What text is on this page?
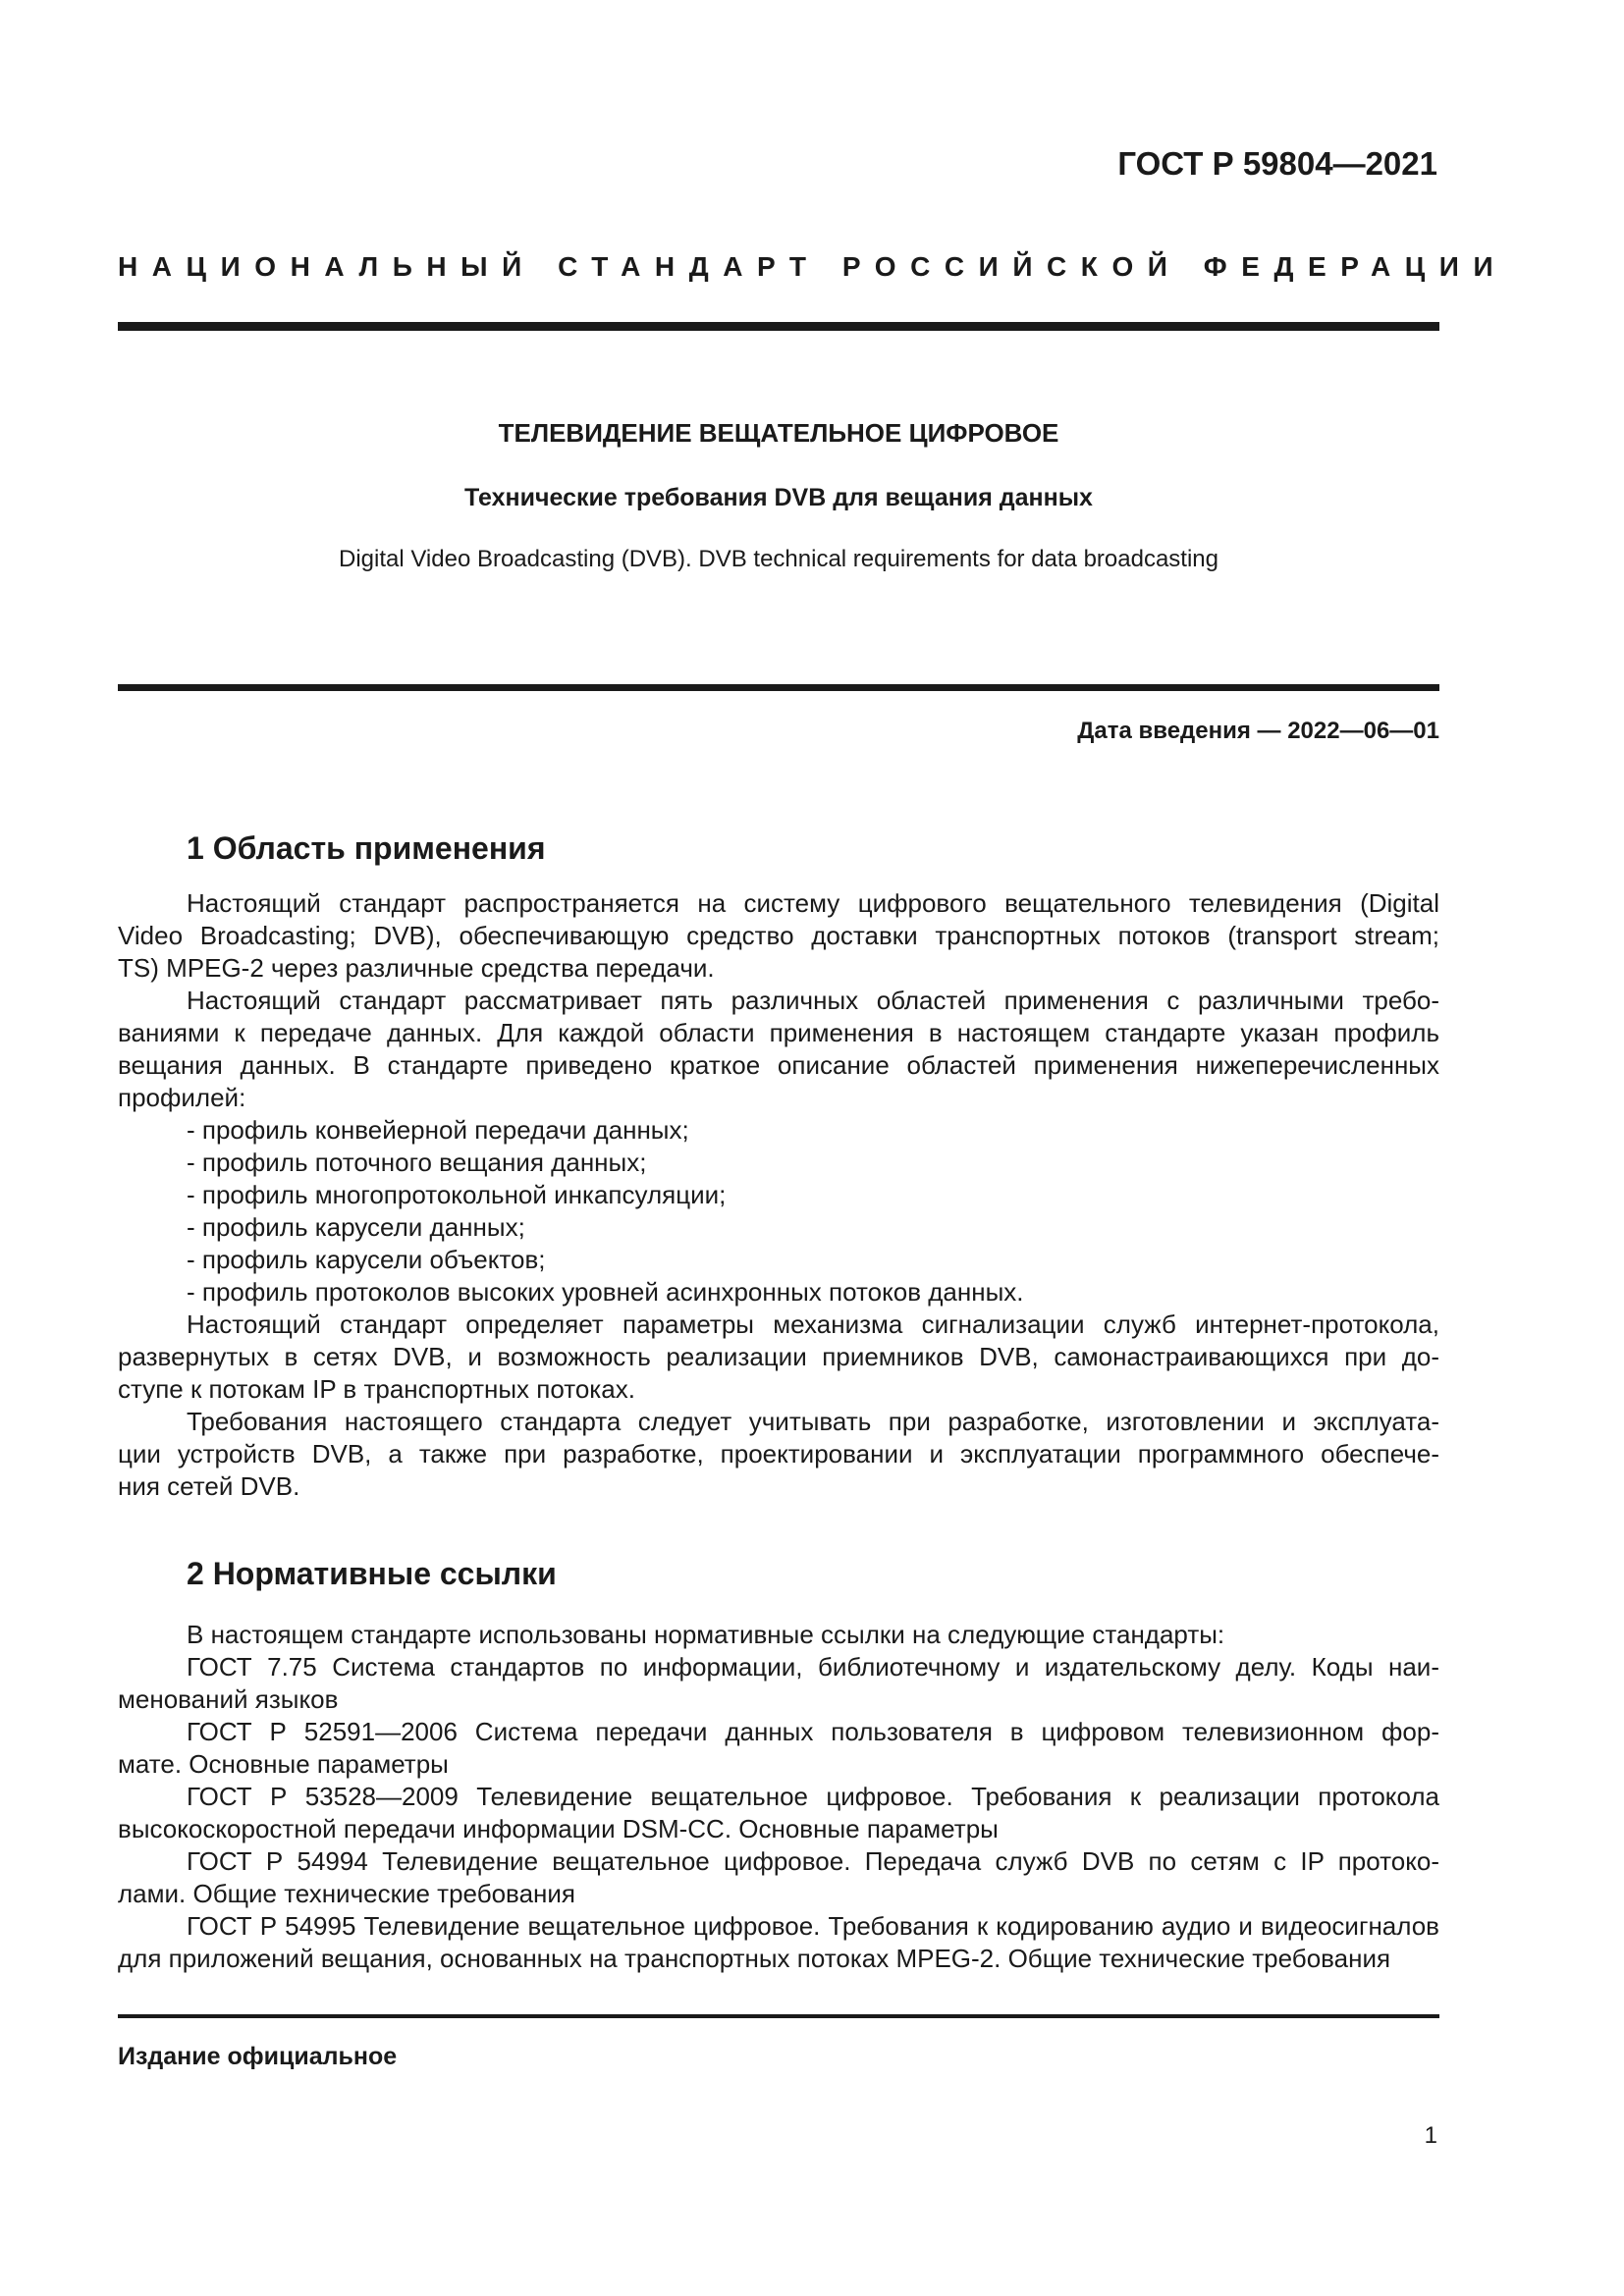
ГОСТ Р 59804—2021

НАЦИОНАЛЬНЫЙ СТАНДАРТ РОССИЙСКОЙ ФЕДЕРАЦИИ

ТЕЛЕВИДЕНИЕ ВЕЩАТЕЛЬНОЕ ЦИФРОВОЕ

Технические требования DVB для вещания данных

Digital Video Broadcasting (DVB). DVB technical requirements for data broadcasting

Дата введения — 2022—06—01

1 Область применения

Настоящий стандарт распространяется на систему цифрового вещательного телевидения (Digital
Video Broadcasting; DVB), обеспечивающую средство доставки транспортных потоков (transport stream;
TS) MPEG-2 через различные средства передачи.

Настоящий стандарт рассматривает пять различных областей применения с различными требо-
ваниями к передаче данных. Для каждой области применения в настоящем стандарте указан профиль
вещания данных. В стандарте приведено краткое описание областей применения нижеперечисленных
профилей:

- профиль конвейерной передачи данных;
- профиль поточного вещания данных;
- профиль многопротокольной инкапсуляции;
- профиль карусели данных;
- профиль карусели объектов;
- профиль протоколов высоких уровней асинхронных потоков данных.

Настоящий стандарт определяет параметры механизма сигнализации служб интернет-протокола,
развернутых в сетях DVB, и возможность реализации приемников DVB, самонастраивающихся при до-
ступе к потокам IP в транспортных потоках.

Требования настоящего стандарта следует учитывать при разработке, изготовлении и эксплуата-
ции устройств DVB, а также при разработке, проектировании и эксплуатации программного обеспече-
ния сетей DVB.

2 Нормативные ссылки

В настоящем стандарте использованы нормативные ссылки на следующие стандарты:

ГОСТ 7.75 Система стандартов по информации, библиотечному и издательскому делу. Коды наи-
менований языков

ГОСТ Р 52591—2006 Система передачи данных пользователя в цифровом телевизионном фор-
мате. Основные параметры

ГОСТ Р 53528—2009 Телевидение вещательное цифровое. Требования к реализации протокола
высокоскоростной передачи информации DSM-CC. Основные параметры

ГОСТ Р 54994 Телевидение вещательное цифровое. Передача служб DVB по сетям с IP протоко-
лами. Общие технические требования

ГОСТ Р 54995 Телевидение вещательное цифровое. Требования к кодированию аудио и видеосигналов
для приложений вещания, основанных на транспортных потоках MPEG-2. Общие технические требования

Издание официальное

1
